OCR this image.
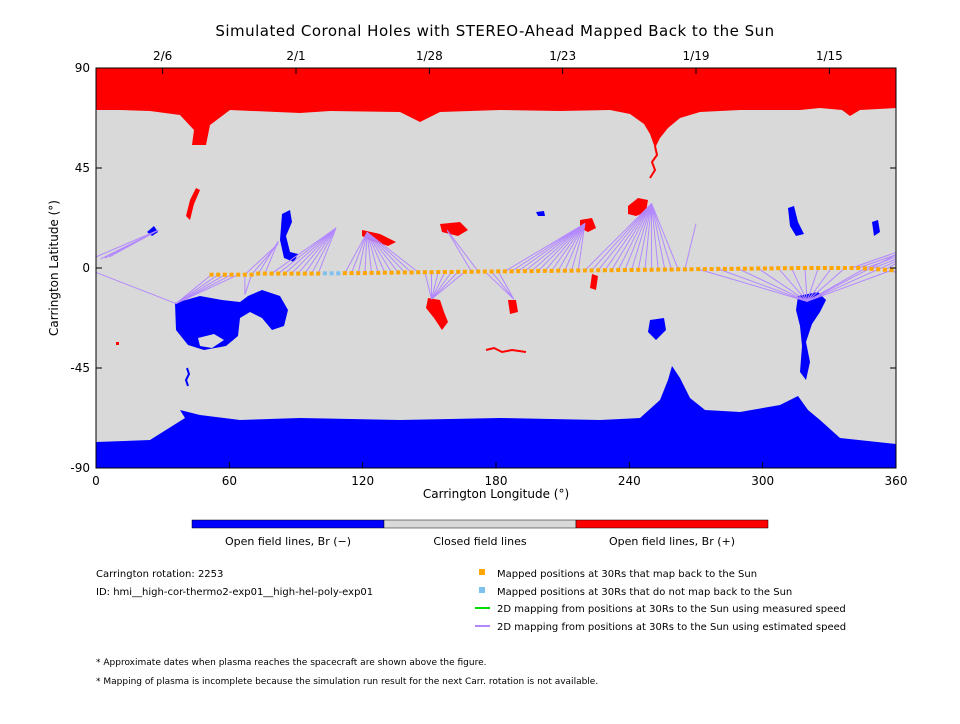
Simulated Coronal Holes with STEREO-Ahead Mapped Back to the Sun
0	60	120	180	240	300	360
90
45
0
-45
-90
2/6	2/1	1/28	1/23	1/19	1/15
Carrington Longitude (°)
Carrington Latitude (°)
Open field lines, Br (−)	Closed field lines	Open field lines, Br (+)
Carrington rotation: 2253
ID: hmi__high-cor-thermo2-exp01__high-hel-poly-exp01
Mapped positions at 30Rs that map back to the Sun
Mapped positions at 30Rs that do not map back to the Sun
2D mapping from positions at 30Rs to the Sun using measured speed
2D mapping from positions at 30Rs to the Sun using estimated speed
* Approximate dates when plasma reaches the spacecraft are shown above the figure.
* Mapping of plasma is incomplete because the simulation run result for the next Carr. rotation is not available.
